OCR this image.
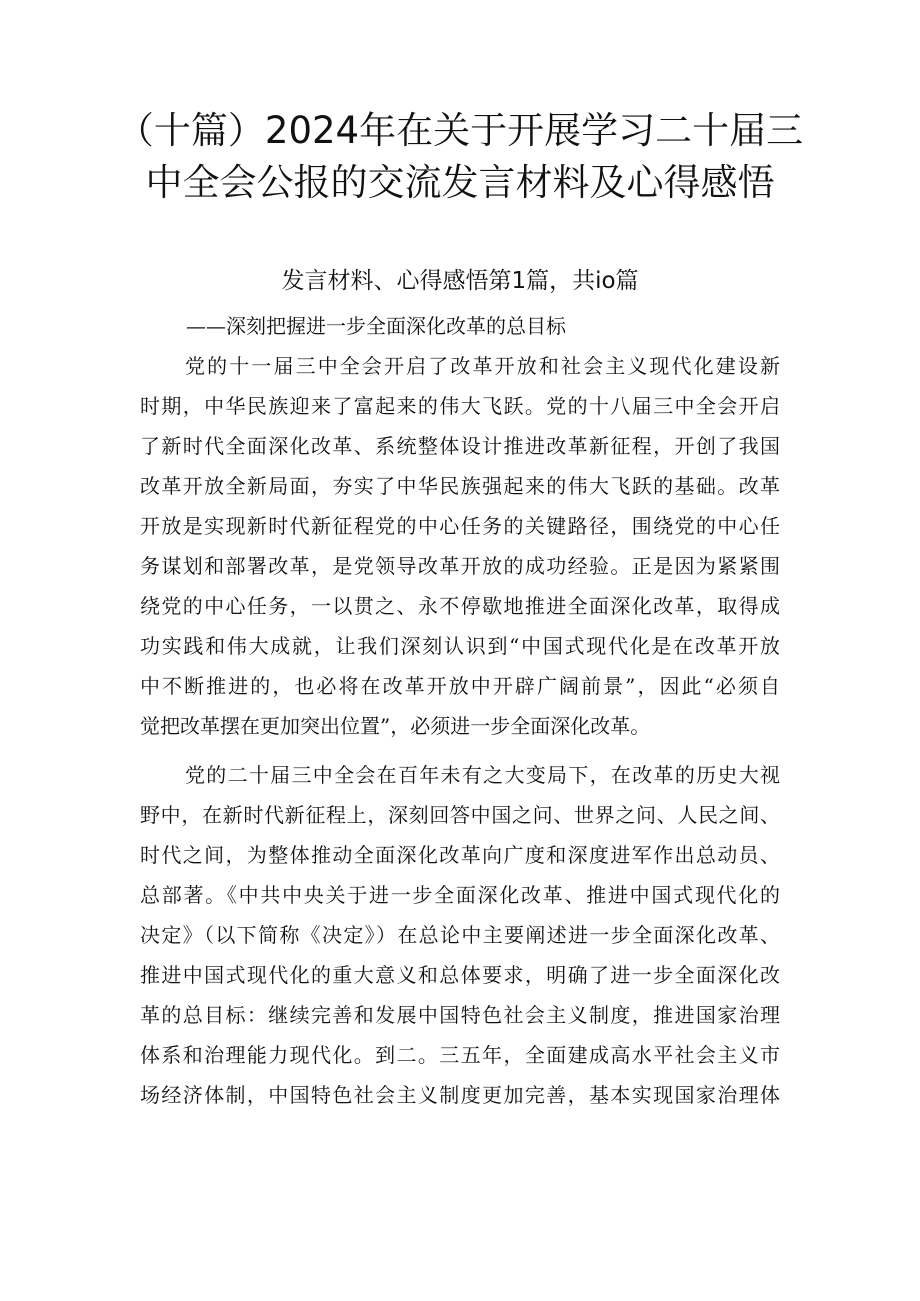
（十篇）2024年在关于开展学习二十届三
中全会公报的交流发言材料及心得感悟
发言材料、心得感悟第1篇，共io篇
——深刻把握进一步全面深化改革的总目标
党的十一届三中全会开启了改革开放和社会主义现代化建设新
时期，中华民族迎来了富起来的伟大飞跃。党的十八届三中全会开启
了新时代全面深化改革、系统整体设计推进改革新征程，开创了我国
改革开放全新局面，夯实了中华民族强起来的伟大飞跃的基础。改革
开放是实现新时代新征程党的中心任务的关键路径，围绕党的中心任
务谋划和部署改革，是党领导改革开放的成功经验。正是因为紧紧围
绕党的中心任务，一以贯之、永不停歇地推进全面深化改革，取得成
功实践和伟大成就，让我们深刻认识到“中国式现代化是在改革开放
中不断推进的，也必将在改革开放中开辟广阔前景”，因此“必须自
觉把改革摆在更加突出位置”，必须进一步全面深化改革。
党的二十届三中全会在百年未有之大变局下，在改革的历史大视
野中，在新时代新征程上，深刻回答中国之问、世界之问、人民之间、
时代之间，为整体推动全面深化改革向广度和深度进军作出总动员、
总部著。《中共中央关于进一步全面深化改革、推进中国式现代化的
决定》（以下简称《决定》）在总论中主要阐述进一步全面深化改革、
推进中国式现代化的重大意义和总体要求，明确了进一步全面深化改
革的总目标：继续完善和发展中国特色社会主义制度，推进国家治理
体系和治理能力现代化。到二。三五年，全面建成高水平社会主义市
场经济体制，中国特色社会主义制度更加完善，基本实现国家治理体
